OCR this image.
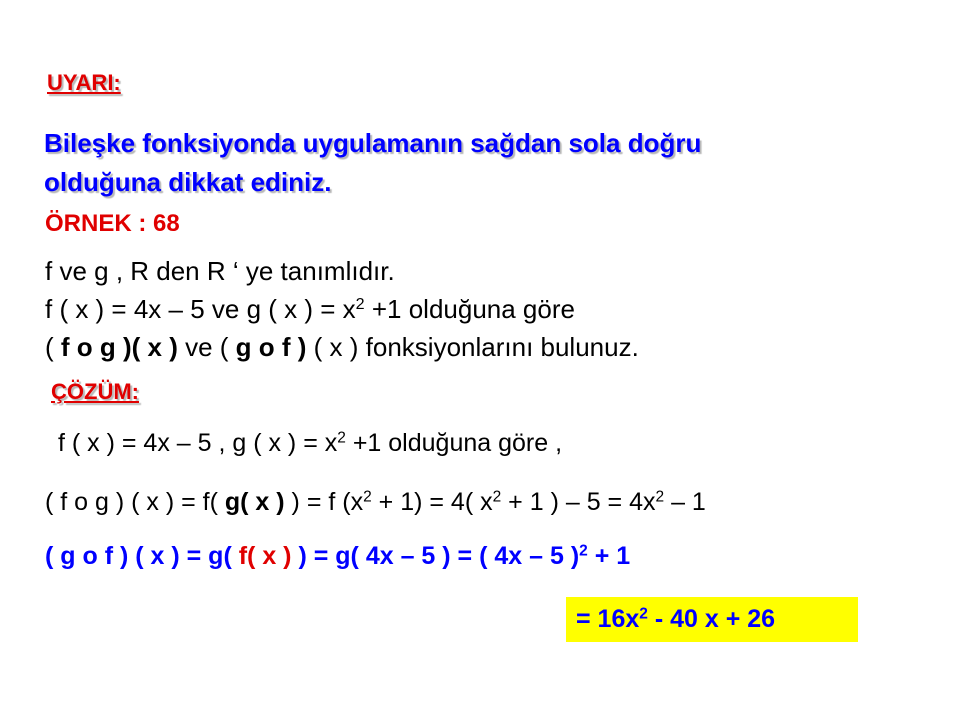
UYARI:
Bileşke fonksiyonda uygulamanın sağdan sola doğru
olduğuna dikkat ediniz.
ÖRNEK : 68
f ve g , R den R ‘ ye tanımlıdır.
f ( x ) = 4x – 5 ve g ( x ) = $x^2 +1$ olduğuna göre
( f o g )( x ) ve ( g o f ) ( x ) fonksiyonlarını bulunuz.
ÇÖZÜM:
f ( x ) = 4x – 5 , g ( x ) = $x^2 +1$ olduğuna göre ,
( f o g ) ( x ) = f( g( x ) ) = f $(x^2 + 1) = 4$( $x^2 + 1$ ) – $5 = 4x^2 - 1$
( g o f ) ( x ) = g( f( x ) ) = g( 4x – 5 ) = ( 4x – 5 )$^2$ + 1
= $16x^2 - 40$ x + 26
